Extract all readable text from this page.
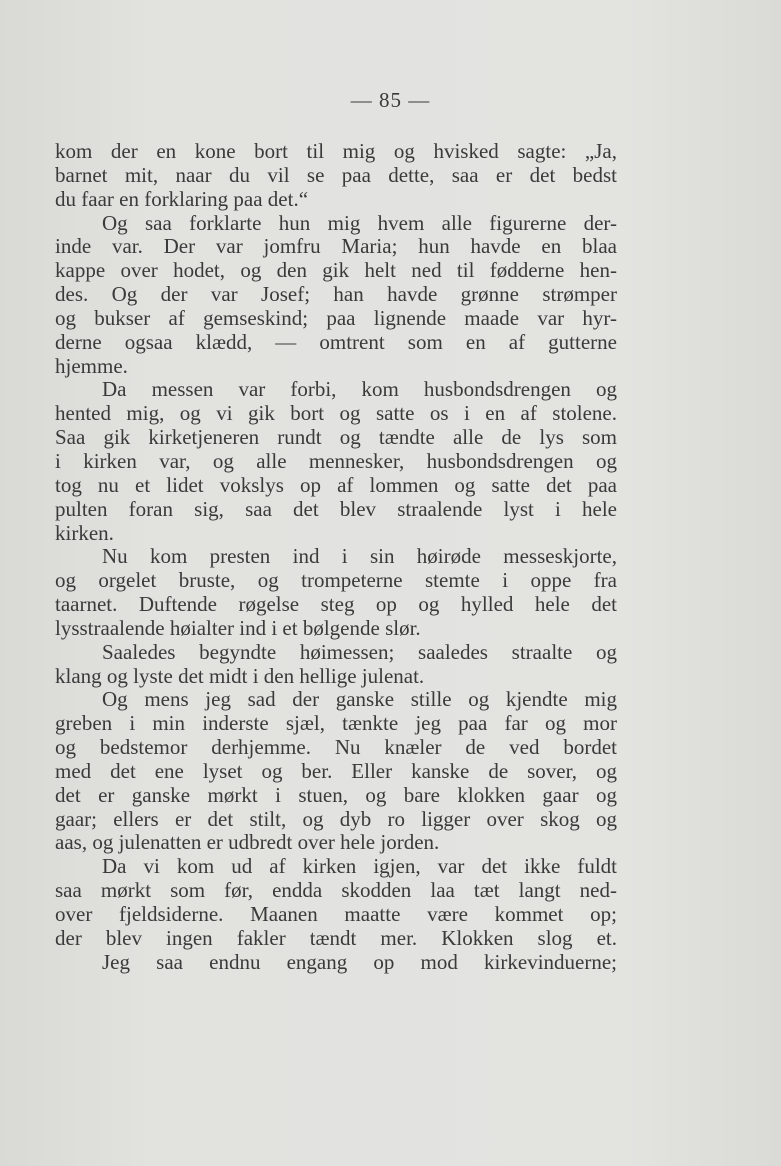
— 85 —
kom der en kone bort til mig og hvisked sagte: „Ja,
barnet mit, naar du vil se paa dette, saa er det bedst
du faar en forklaring paa det.“
Og saa forklarte hun mig hvem alle figurerne der-
inde var. Der var jomfru Maria; hun havde en blaa
kappe over hodet, og den gik helt ned til fødderne hen-
des. Og der var Josef; han havde grønne strømper
og bukser af gemseskind; paa lignende maade var hyr-
derne ogsaa klædd, — omtrent som en af gutterne
hjemme.
Da messen var forbi, kom husbondsdrengen og
hented mig, og vi gik bort og satte os i en af stolene.
Saa gik kirketjeneren rundt og tændte alle de lys som
i kirken var, og alle mennesker, husbondsdrengen og
tog nu et lidet vokslys op af lommen og satte det paa
pulten foran sig, saa det blev straalende lyst i hele
kirken.
Nu kom presten ind i sin høirøde messeskjorte,
og orgelet bruste, og trompeterne stemte i oppe fra
taarnet. Duftende røgelse steg op og hylled hele det
lysstraalende høialter ind i et bølgende slør.
Saaledes begyndte høimessen; saaledes straalte og
klang og lyste det midt i den hellige julenat.
Og mens jeg sad der ganske stille og kjendte mig
greben i min inderste sjæl, tænkte jeg paa far og mor
og bedstemor derhjemme. Nu knæler de ved bordet
med det ene lyset og ber. Eller kanske de sover, og
det er ganske mørkt i stuen, og bare klokken gaar og
gaar; ellers er det stilt, og dyb ro ligger over skog og
aas, og julenatten er udbredt over hele jorden.
Da vi kom ud af kirken igjen, var det ikke fuldt
saa mørkt som før, endda skodden laa tæt langt ned-
over fjeldsiderne. Maanen maatte være kommet op;
der blev ingen fakler tændt mer. Klokken slog et.
Jeg saa endnu engang op mod kirkevinduerne;
